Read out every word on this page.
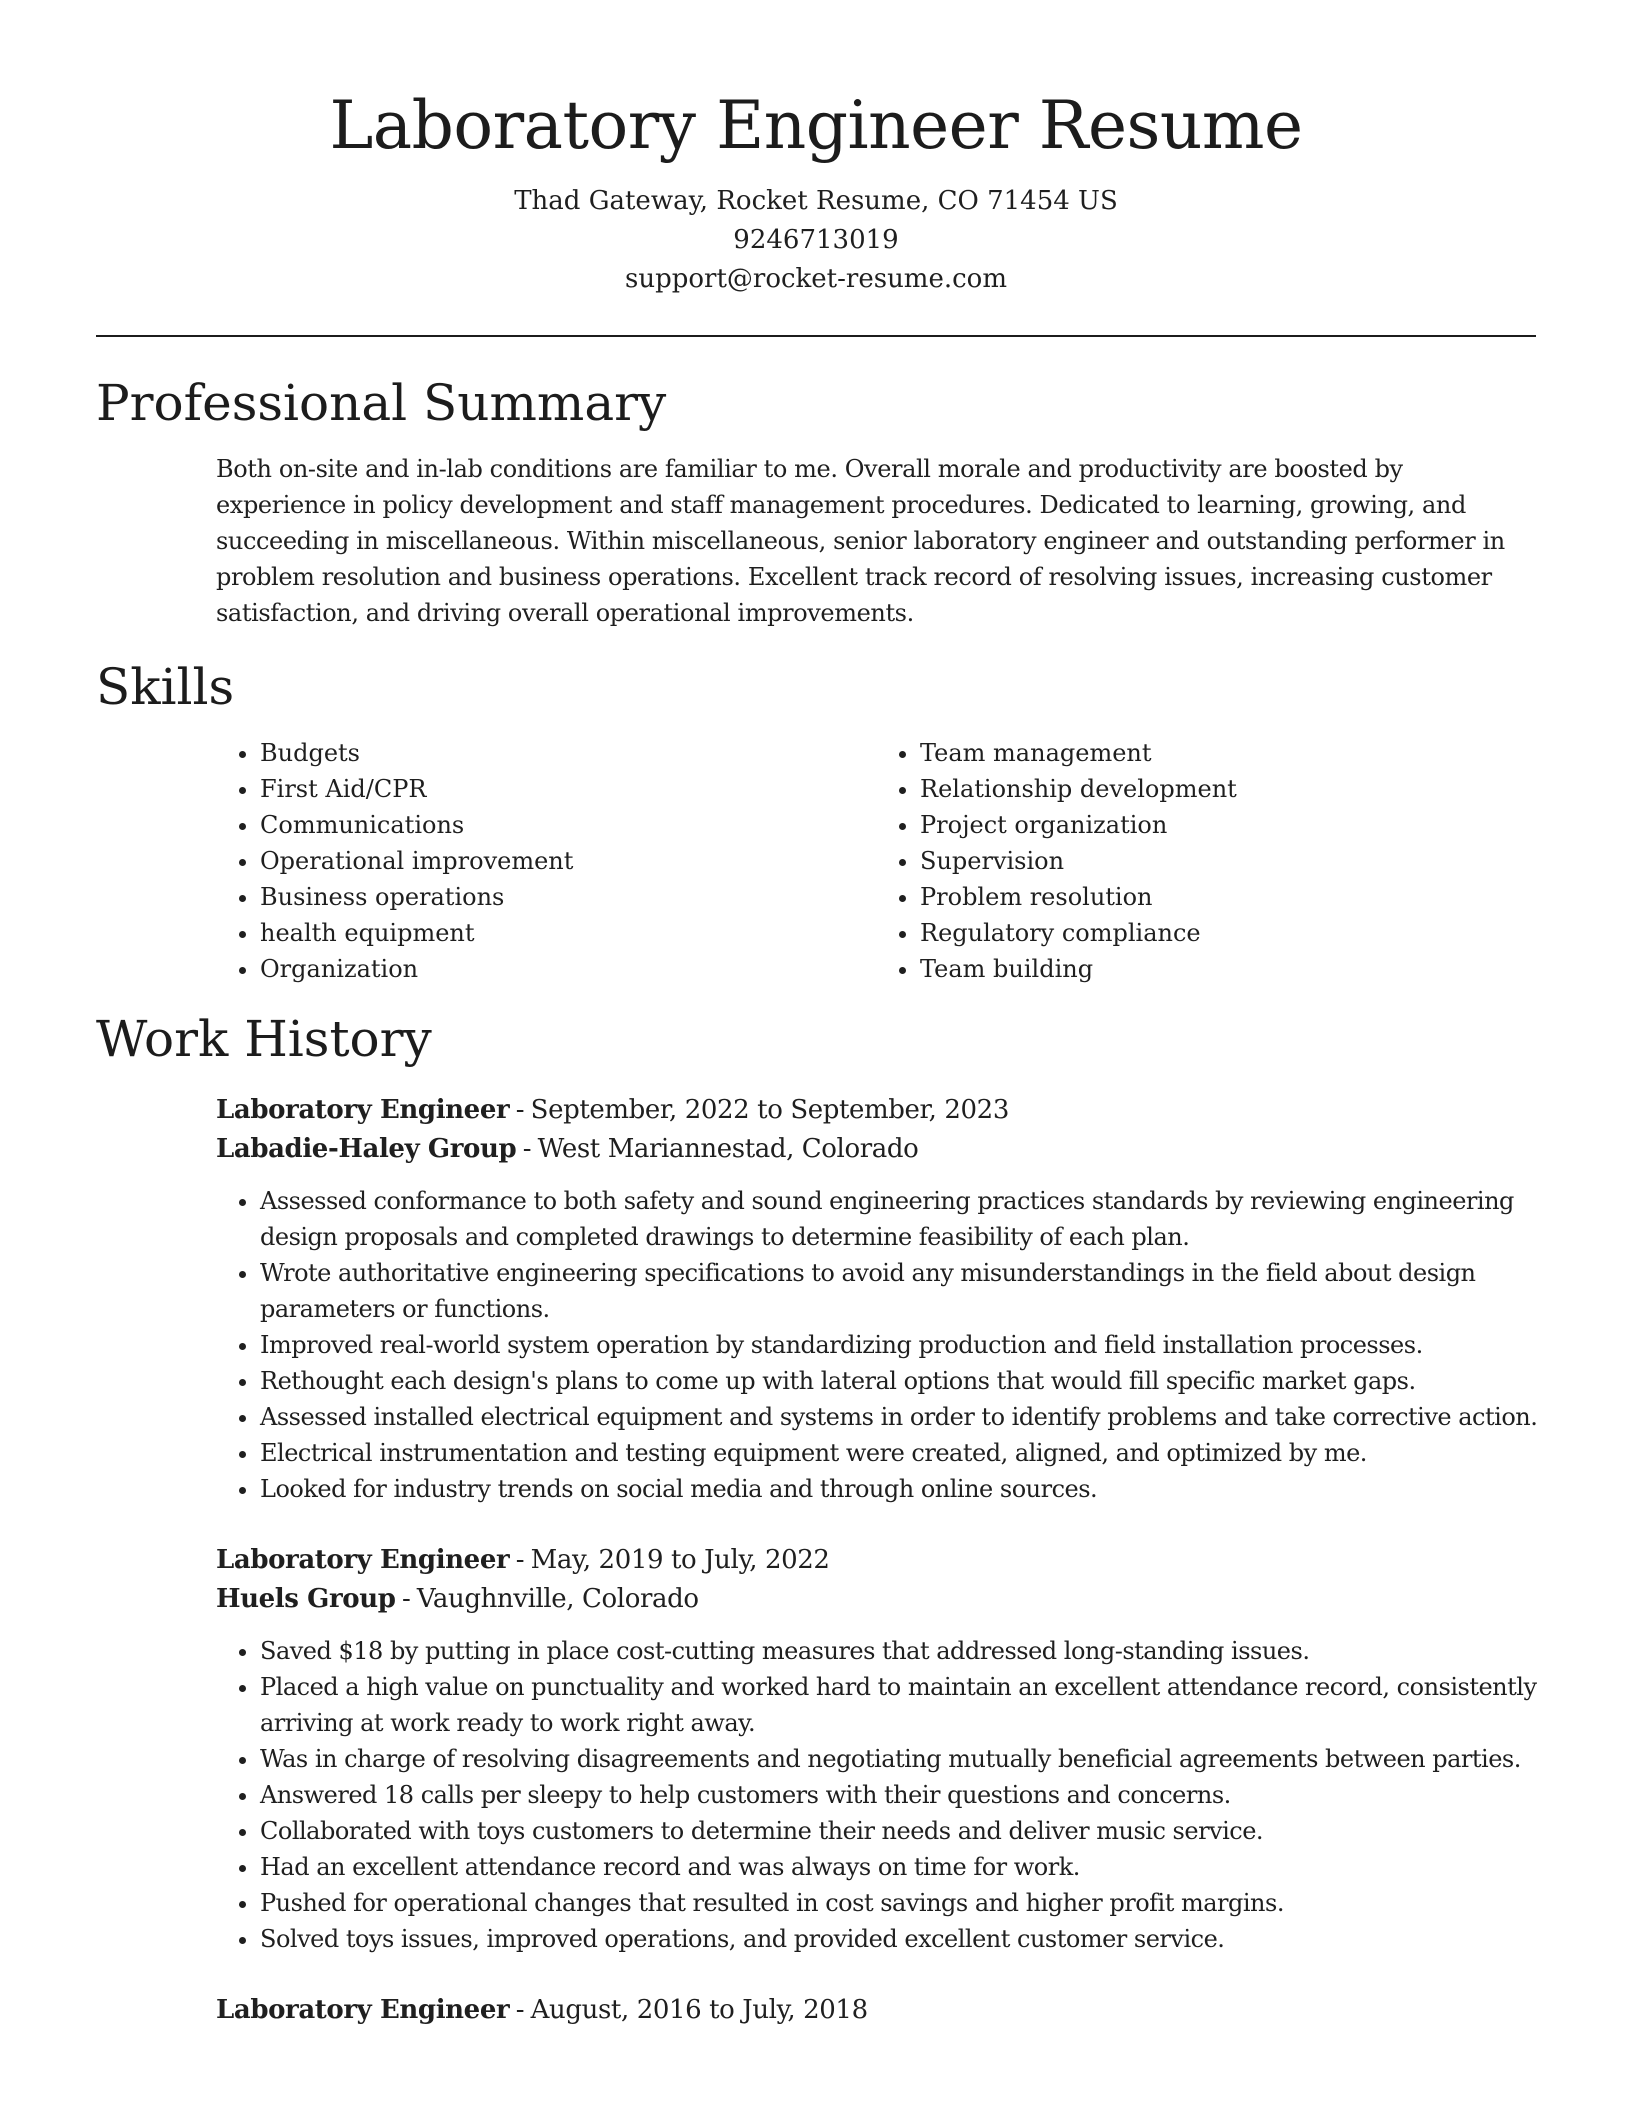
Laboratory Engineer Resume
Thad Gateway, Rocket Resume, CO 71454 US
9246713019
support@rocket-resume.com
Professional Summary

Both on-site and in-lab conditions are familiar to me. Overall morale and productivity are boosted by experience in policy development and staff management procedures. Dedicated to learning, growing, and succeeding in miscellaneous. Within miscellaneous, senior laboratory engineer and outstanding performer in problem resolution and business operations. Excellent track record of resolving issues, increasing customer satisfaction, and driving overall operational improvements.

Skills
• Budgets
• First Aid/CPR
• Communications
• Operational improvement
• Business operations
• health equipment
• Organization
• Team management
• Relationship development
• Project organization
• Supervision
• Problem resolution
• Regulatory compliance
• Team building
Work History
Laboratory Engineer - September, 2022 to September, 2023
Labadie-Haley Group - West Mariannestad, Colorado
• Assessed conformance to both safety and sound engineering practices standards by reviewing engineering design proposals and completed drawings to determine feasibility of each plan.
• Wrote authoritative engineering specifications to avoid any misunderstandings in the field about design parameters or functions.
• Improved real-world system operation by standardizing production and field installation processes.
• Rethought each design's plans to come up with lateral options that would fill specific market gaps.
• Assessed installed electrical equipment and systems in order to identify problems and take corrective action.
• Electrical instrumentation and testing equipment were created, aligned, and optimized by me.
• Looked for industry trends on social media and through online sources.
Laboratory Engineer - May, 2019 to July, 2022
Huels Group - Vaughnville, Colorado
• Saved $18 by putting in place cost-cutting measures that addressed long-standing issues.
• Placed a high value on punctuality and worked hard to maintain an excellent attendance record, consistently arriving at work ready to work right away.
• Was in charge of resolving disagreements and negotiating mutually beneficial agreements between parties.
• Answered 18 calls per sleepy to help customers with their questions and concerns.
• Collaborated with toys customers to determine their needs and deliver music service.
• Had an excellent attendance record and was always on time for work.
• Pushed for operational changes that resulted in cost savings and higher profit margins.
• Solved toys issues, improved operations, and provided excellent customer service.
Laboratory Engineer - August, 2016 to July, 2018
